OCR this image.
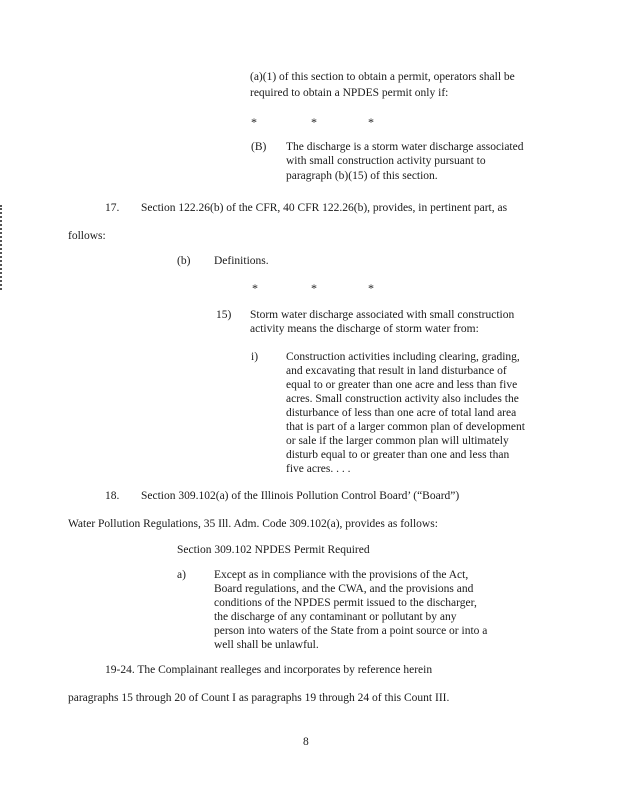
(a)(1) of this section to obtain a permit, operators shall be
required to obtain a NPDES permit only if:
*	*	*
(B) The discharge is a storm water discharge associated
with small construction activity pursuant to
paragraph (b)(15) of this section.
17. Section 122.26(b) of the CFR, 40 CFR 122.26(b), provides, in pertinent part, as
follows:
(b) Definitions.
*	*	*
15) Storm water discharge associated with small construction
activity means the discharge of storm water from:
i) Construction activities including clearing, grading,
and excavating that result in land disturbance of
equal to or greater than one acre and less than five
acres. Small construction activity also includes the
disturbance of less than one acre of total land area
that is part of a larger common plan of development
or sale if the larger common plan will ultimately
disturb equal to or greater than one and less than
five acres. . . .
18. Section 309.102(a) of the Illinois Pollution Control Board’ (“Board”)
Water Pollution Regulations, 35 Ill. Adm. Code 309.102(a), provides as follows:
Section 309.102 NPDES Permit Required
a) Except as in compliance with the provisions of the Act,
Board regulations, and the CWA, and the provisions and
conditions of the NPDES permit issued to the discharger,
the discharge of any contaminant or pollutant by any
person into waters of the State from a point source or into a
well shall be unlawful.
19-24. The Complainant realleges and incorporates by reference herein
paragraphs 15 through 20 of Count I as paragraphs 19 through 24 of this Count III.
8
